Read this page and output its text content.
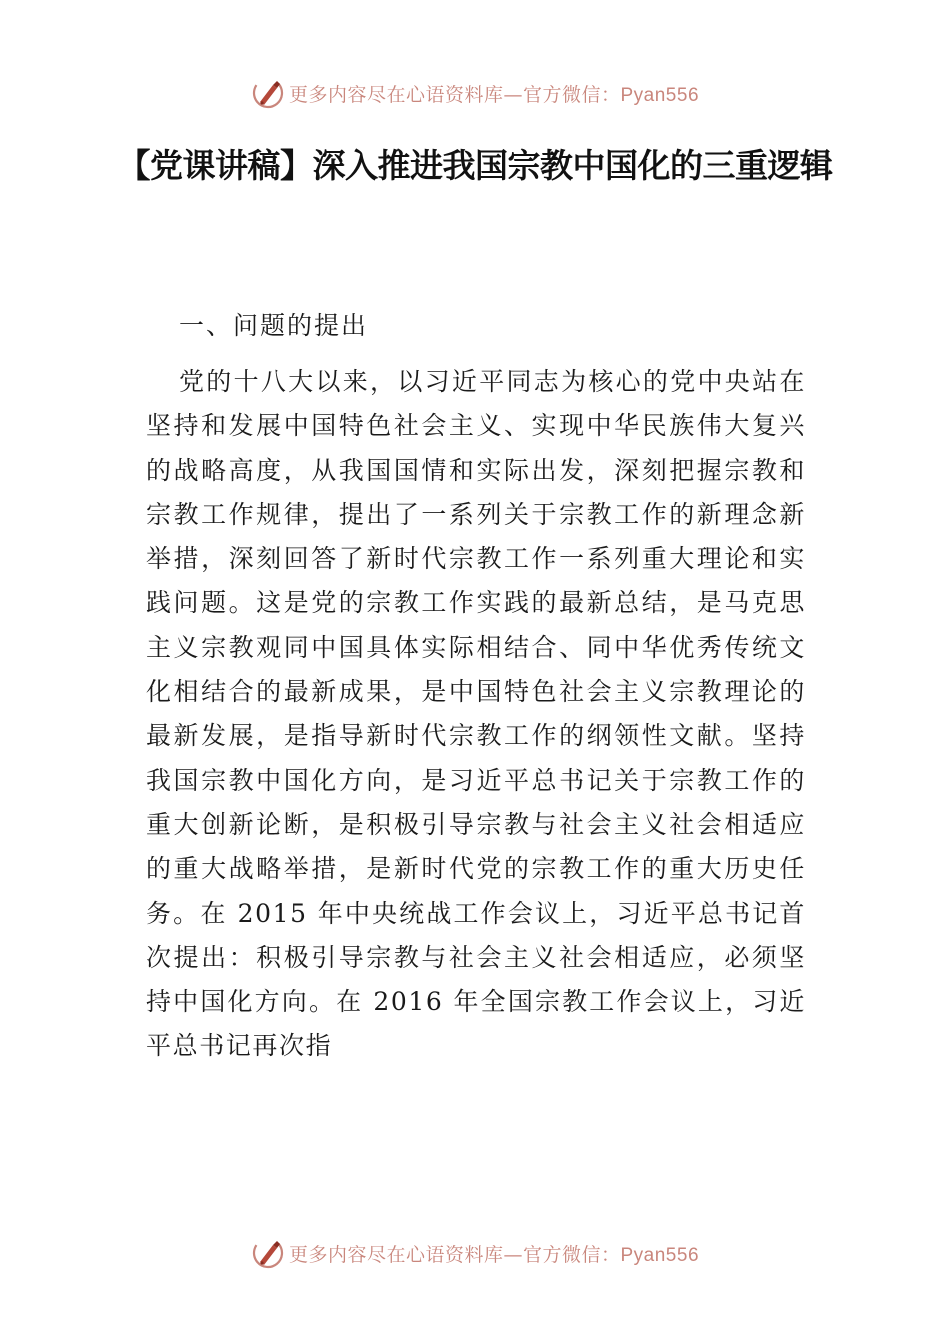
更多内容尽在心语资料库—官方微信：Pyan556
【党课讲稿】深入推进我国宗教中国化的三重逻辑
一、问题的提出

党的十八大以来，以习近平同志为核心的党中央站在坚持和发展中国特色社会主义、实现中华民族伟大复兴的战略高度，从我国国情和实际出发，深刻把握宗教和宗教工作规律，提出了一系列关于宗教工作的新理念新举措，深刻回答了新时代宗教工作一系列重大理论和实践问题。这是党的宗教工作实践的最新总结，是马克思主义宗教观同中国具体实际相结合、同中华优秀传统文化相结合的最新成果，是中国特色社会主义宗教理论的最新发展，是指导新时代宗教工作的纲领性文献。坚持我国宗教中国化方向，是习近平总书记关于宗教工作的重大创新论断，是积极引导宗教与社会主义社会相适应的重大战略举措，是新时代党的宗教工作的重大历史任务。在 2015 年中央统战工作会议上，习近平总书记首次提出：积极引导宗教与社会主义社会相适应，必须坚持中国化方向。在 2016 年全国宗教工作会议上，习近平总书记再次指

更多内容尽在心语资料库—官方微信：Pyan556
